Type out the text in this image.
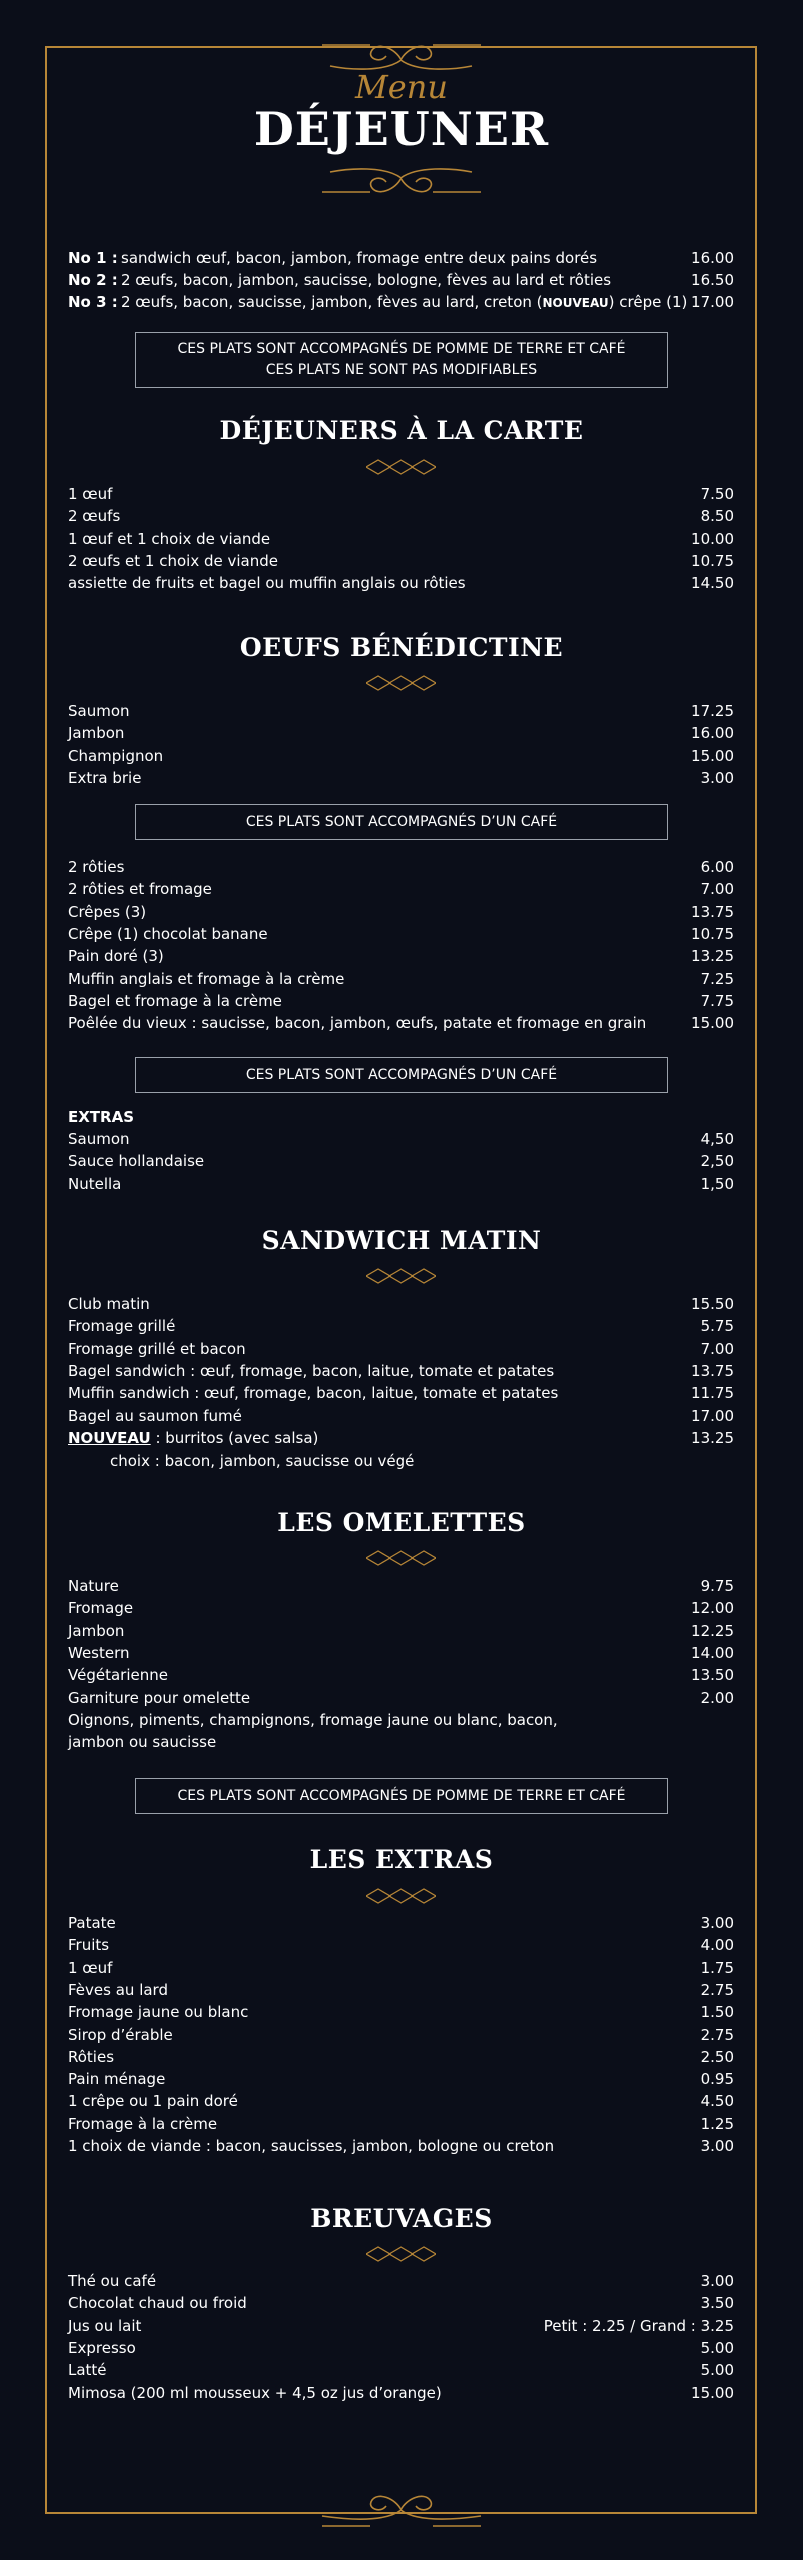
Menu
DÉJEUNER
No 1 : sandwich œuf, bacon, jambon, fromage entre deux pains dorés	16.00
No 2 : 2 œufs, bacon, jambon, saucisse, bologne, fèves au lard et rôties	16.50
No 3 : 2 œufs, bacon, saucisse, jambon, fèves au lard, creton (NOUVEAU) crêpe (1) 17.00
CES PLATS SONT ACCOMPAGNÉS DE POMME DE TERRE ET CAFÉ
CES PLATS NE SONT PAS MODIFIABLES
DÉJEUNERS À LA CARTE
1 œuf	7.50
2 œufs	8.50
1 œuf et 1 choix de viande	10.00
2 œufs et 1 choix de viande	10.75
assiette de fruits et bagel ou muffin anglais ou rôties	14.50
OEUFS BÉNÉDICTINE
Saumon	17.25
Jambon	16.00
Champignon	15.00
Extra brie	3.00
CES PLATS SONT ACCOMPAGNÉS D’UN CAFÉ
2 rôties	6.00
2 rôties et fromage	7.00
Crêpes (3)	13.75
Crêpe (1) chocolat banane	10.75
Pain doré (3)	13.25
Muffin anglais et fromage à la crème	7.25
Bagel et fromage à la crème	7.75
Poêlée du vieux : saucisse, bacon, jambon, œufs, patate et fromage en grain	15.00
CES PLATS SONT ACCOMPAGNÉS D’UN CAFÉ
EXTRAS
Saumon	4,50
Sauce hollandaise	2,50
Nutella	1,50
SANDWICH MATIN
Club matin	15.50
Fromage grillé	5.75
Fromage grillé et bacon	7.00
Bagel sandwich : œuf, fromage, bacon, laitue, tomate et patates	13.75
Muffin sandwich : œuf, fromage, bacon, laitue, tomate et patates	11.75
Bagel au saumon fumé	17.00
NOUVEAU : burritos (avec salsa)	13.25
choix : bacon, jambon, saucisse ou végé
LES OMELETTES
Nature	9.75
Fromage	12.00
Jambon	12.25
Western	14.00
Végétarienne	13.50
Garniture pour omelette	2.00
Oignons, piments, champignons, fromage jaune ou blanc, bacon,
jambon ou saucisse
CES PLATS SONT ACCOMPAGNÉS DE POMME DE TERRE ET CAFÉ
LES EXTRAS
Patate	3.00
Fruits	4.00
1 œuf	1.75
Fèves au lard	2.75
Fromage jaune ou blanc	1.50
Sirop d’érable	2.75
Rôties	2.50
Pain ménage	0.95
1 crêpe ou 1 pain doré	4.50
Fromage à la crème	1.25
1 choix de viande : bacon, saucisses, jambon, bologne ou creton	3.00
BREUVAGES
Thé ou café	3.00
Chocolat chaud ou froid	3.50
Jus ou lait	Petit : 2.25 / Grand : 3.25
Expresso	5.00
Latté	5.00
Mimosa (200 ml mousseux + 4,5 oz jus d’orange)	15.00
